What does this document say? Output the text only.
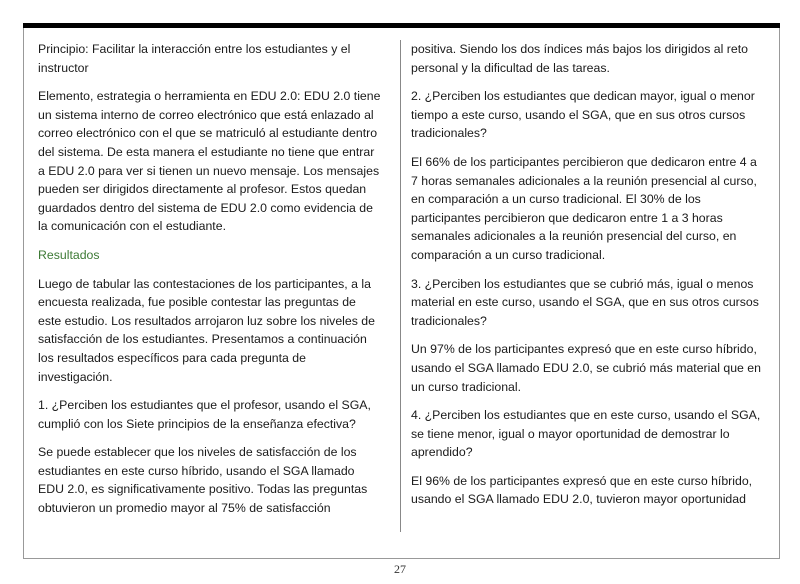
Principio: Facilitar la interacción entre los estudiantes y el instructor

Elemento, estrategia o herramienta en EDU 2.0: EDU 2.0 tiene un sistema interno de correo electrónico que está enlazado al correo electrónico con el que se matriculó al estudiante dentro del sistema. De esta manera el estudiante no tiene que entrar a EDU 2.0 para ver si tienen un nuevo mensaje. Los mensajes pueden ser dirigidos directamente al profesor. Estos quedan guardados dentro del sistema de EDU 2.0 como evidencia de la comunicación con el estudiante.

Resultados

Luego de tabular las contestaciones de los participantes, a la encuesta realizada, fue posible contestar las preguntas de este estudio. Los resultados arrojaron luz sobre los niveles de satisfacción de los estudiantes. Presentamos a continuación los resultados específicos para cada pregunta de investigación.

1. ¿Perciben los estudiantes que el profesor, usando el SGA, cumplió con los Siete principios de la enseñanza efectiva?

Se puede establecer que los niveles de satisfacción de los estudiantes en este curso híbrido, usando el SGA llamado EDU 2.0, es significativamente positivo. Todas las preguntas obtuvieron un promedio mayor al 75% de satisfacción

positiva. Siendo los dos índices más bajos los dirigidos al reto personal y la dificultad de las tareas.

2. ¿Perciben los estudiantes que dedican mayor, igual o menor tiempo a este curso, usando el SGA, que en sus otros cursos tradicionales?

El 66% de los participantes percibieron que dedicaron entre 4 a 7 horas semanales adicionales a la reunión presencial al curso, en comparación a un curso tradicional. El 30% de los participantes percibieron que dedicaron entre 1 a 3 horas semanales adicionales a la reunión presencial del curso, en comparación a un curso tradicional.

3. ¿Perciben los estudiantes que se cubrió más, igual o menos material en este curso, usando el SGA, que en sus otros cursos tradicionales?

Un 97% de los participantes expresó que en este curso híbrido, usando el SGA llamado EDU 2.0, se cubrió más material que en un curso tradicional.

4. ¿Perciben los estudiantes que en este curso, usando el SGA, se tiene menor, igual o mayor oportunidad de demostrar lo aprendido?

El 96% de los participantes expresó que en este curso híbrido, usando el SGA llamado EDU 2.0, tuvieron mayor oportunidad

27
